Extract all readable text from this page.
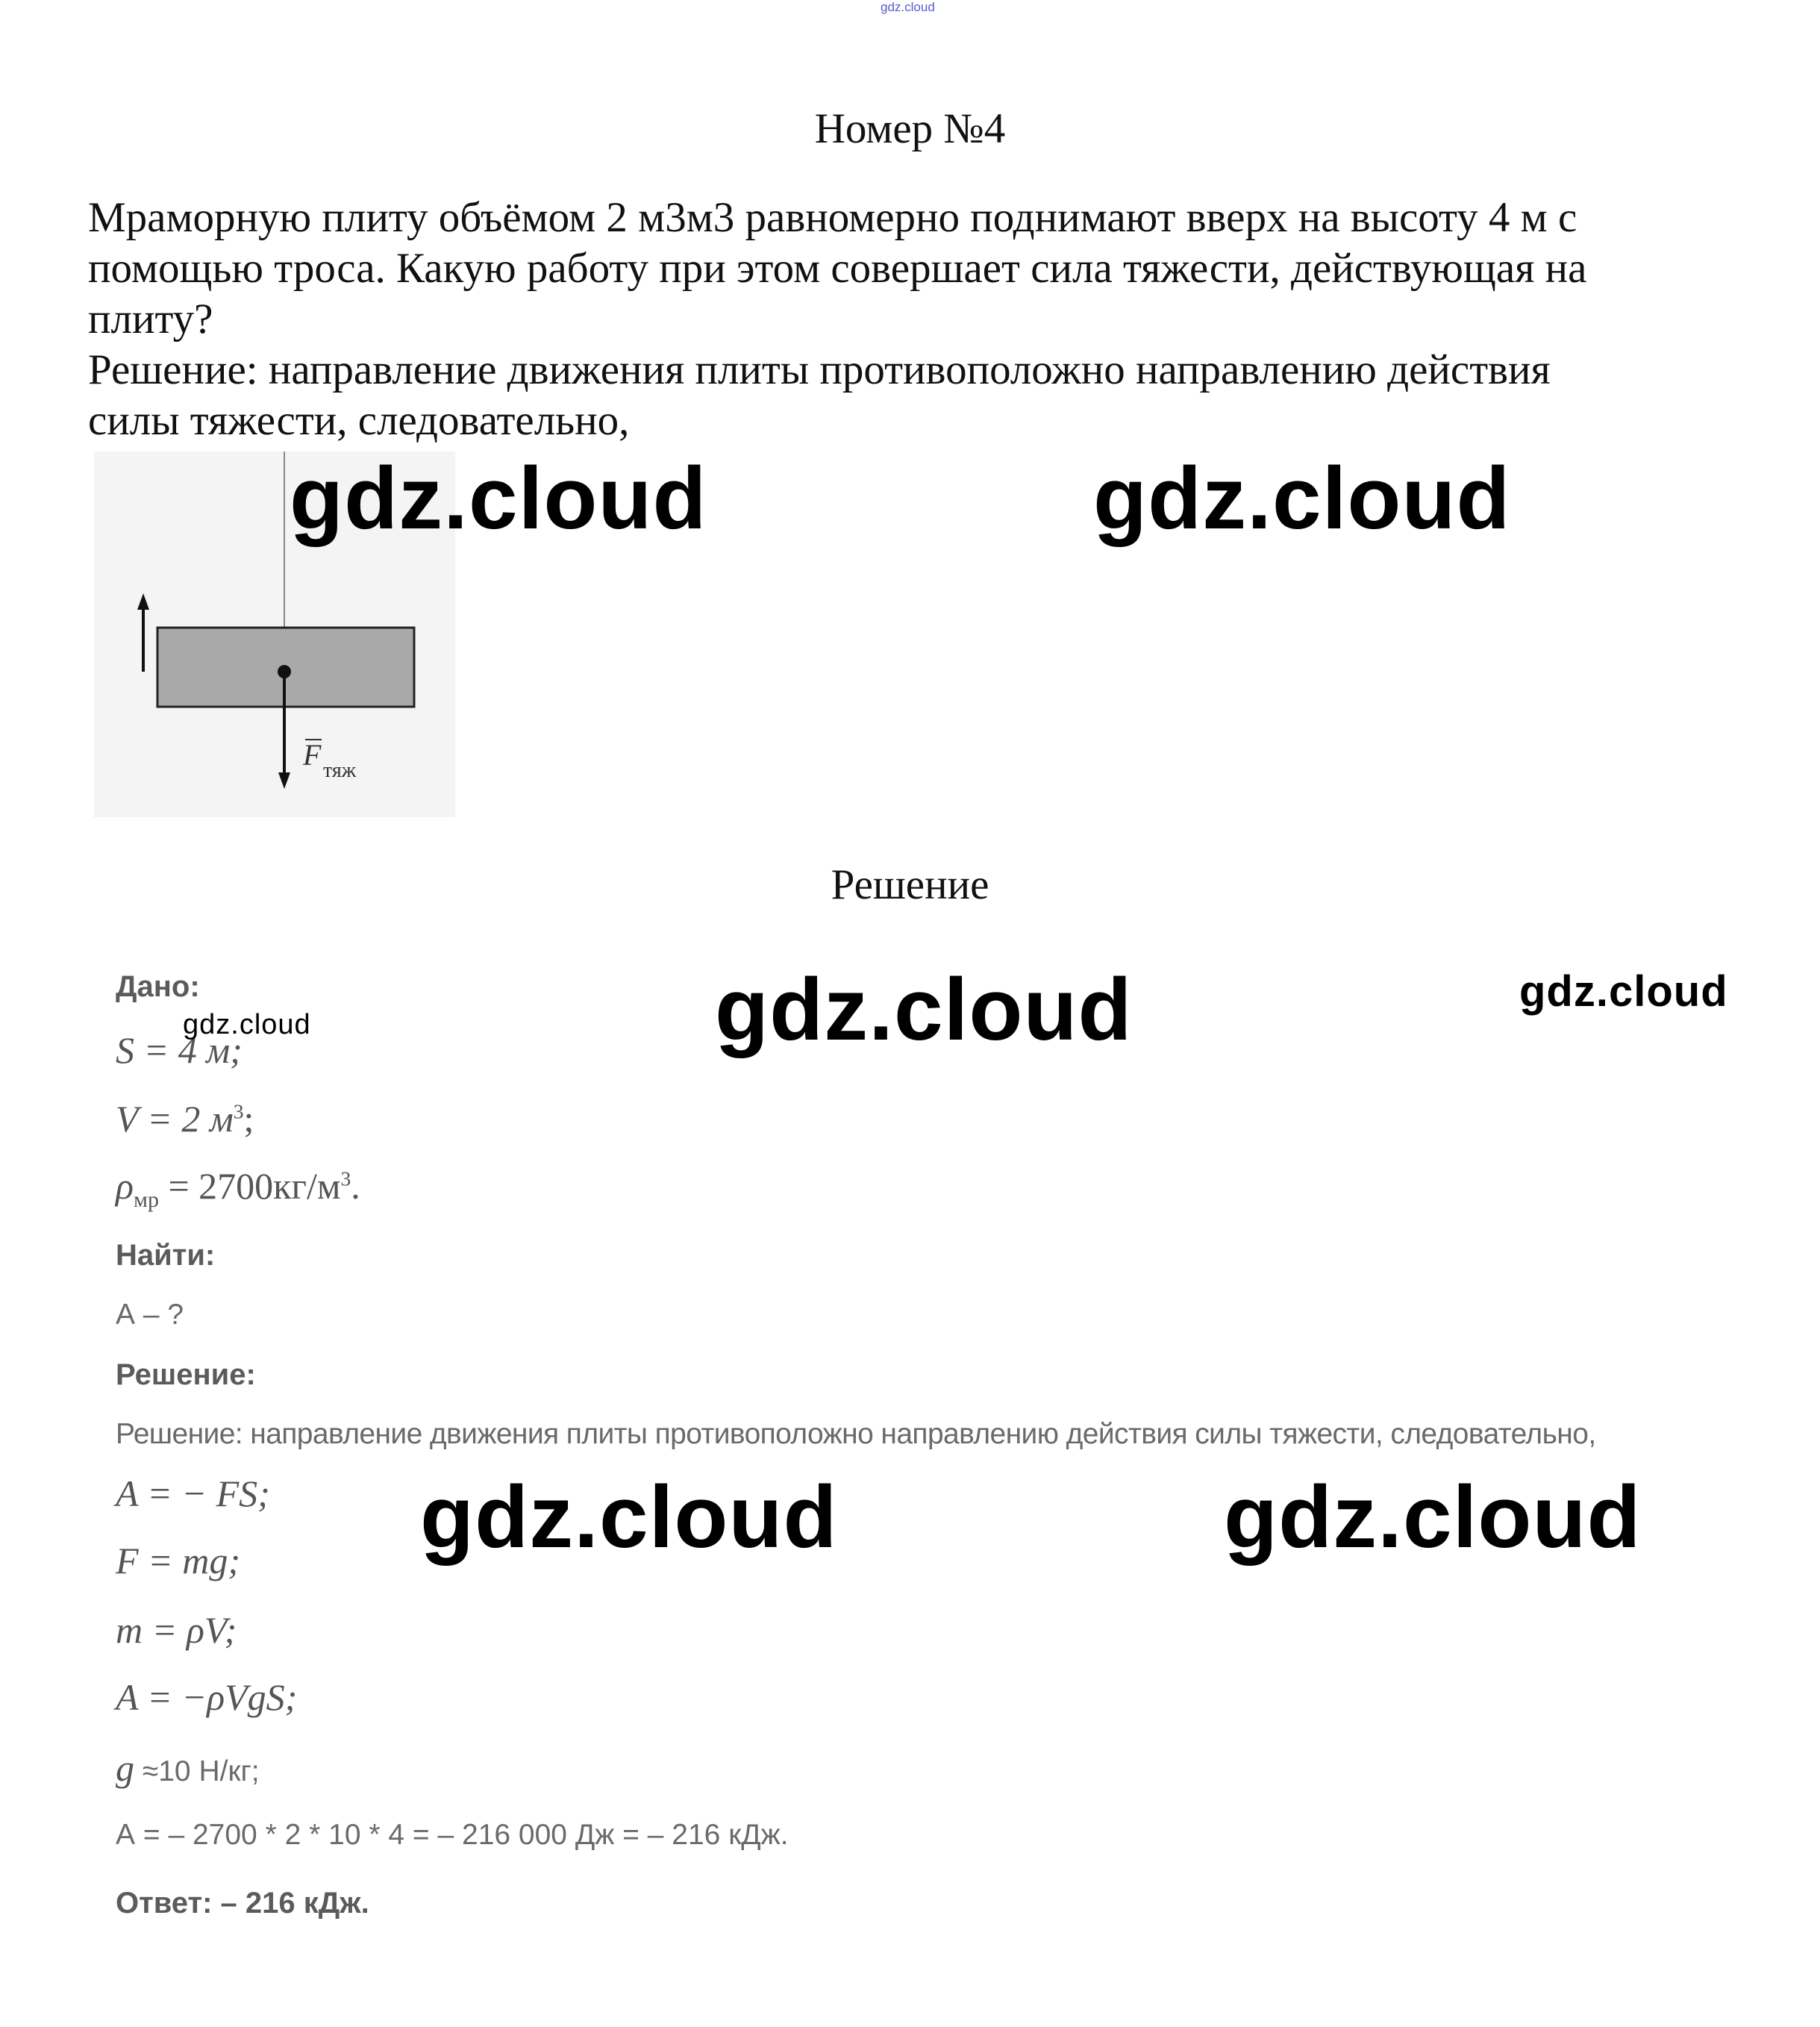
gdz.cloud
Номер №4

Мраморную плиту объёмом 2 м3м3 равномерно поднимают вверх на высоту 4 м с

помощью троса. Какую работу при этом совершает сила тяжести, действующая на

плиту?

Решение: направление движения плиты противоположно направлению действия

силы тяжести, следовательно,

F тяж
Решение
Дано:
S = 4 м;
V = 2 $м^3$;
$\rho_{мр} = 2700кг/м^3$.
Найти:
А – ?
Решение:
Решение: направление движения плиты противоположно направлению действия силы тяжести, следовательно,
A = − FS;
F = mg;
m = ρV;
A = −ρVgS;
g ≈10 Н/кг;
А = – 2700 * 2 * 10 * 4 = – 216 000 Дж = – 216 кДж.
Ответ: – 216 кДж.
gdz.cloud	gdz.cloud
gdz.cloud	gdz.cloud
gdz.cloud
gdz.cloud	gdz.cloud
